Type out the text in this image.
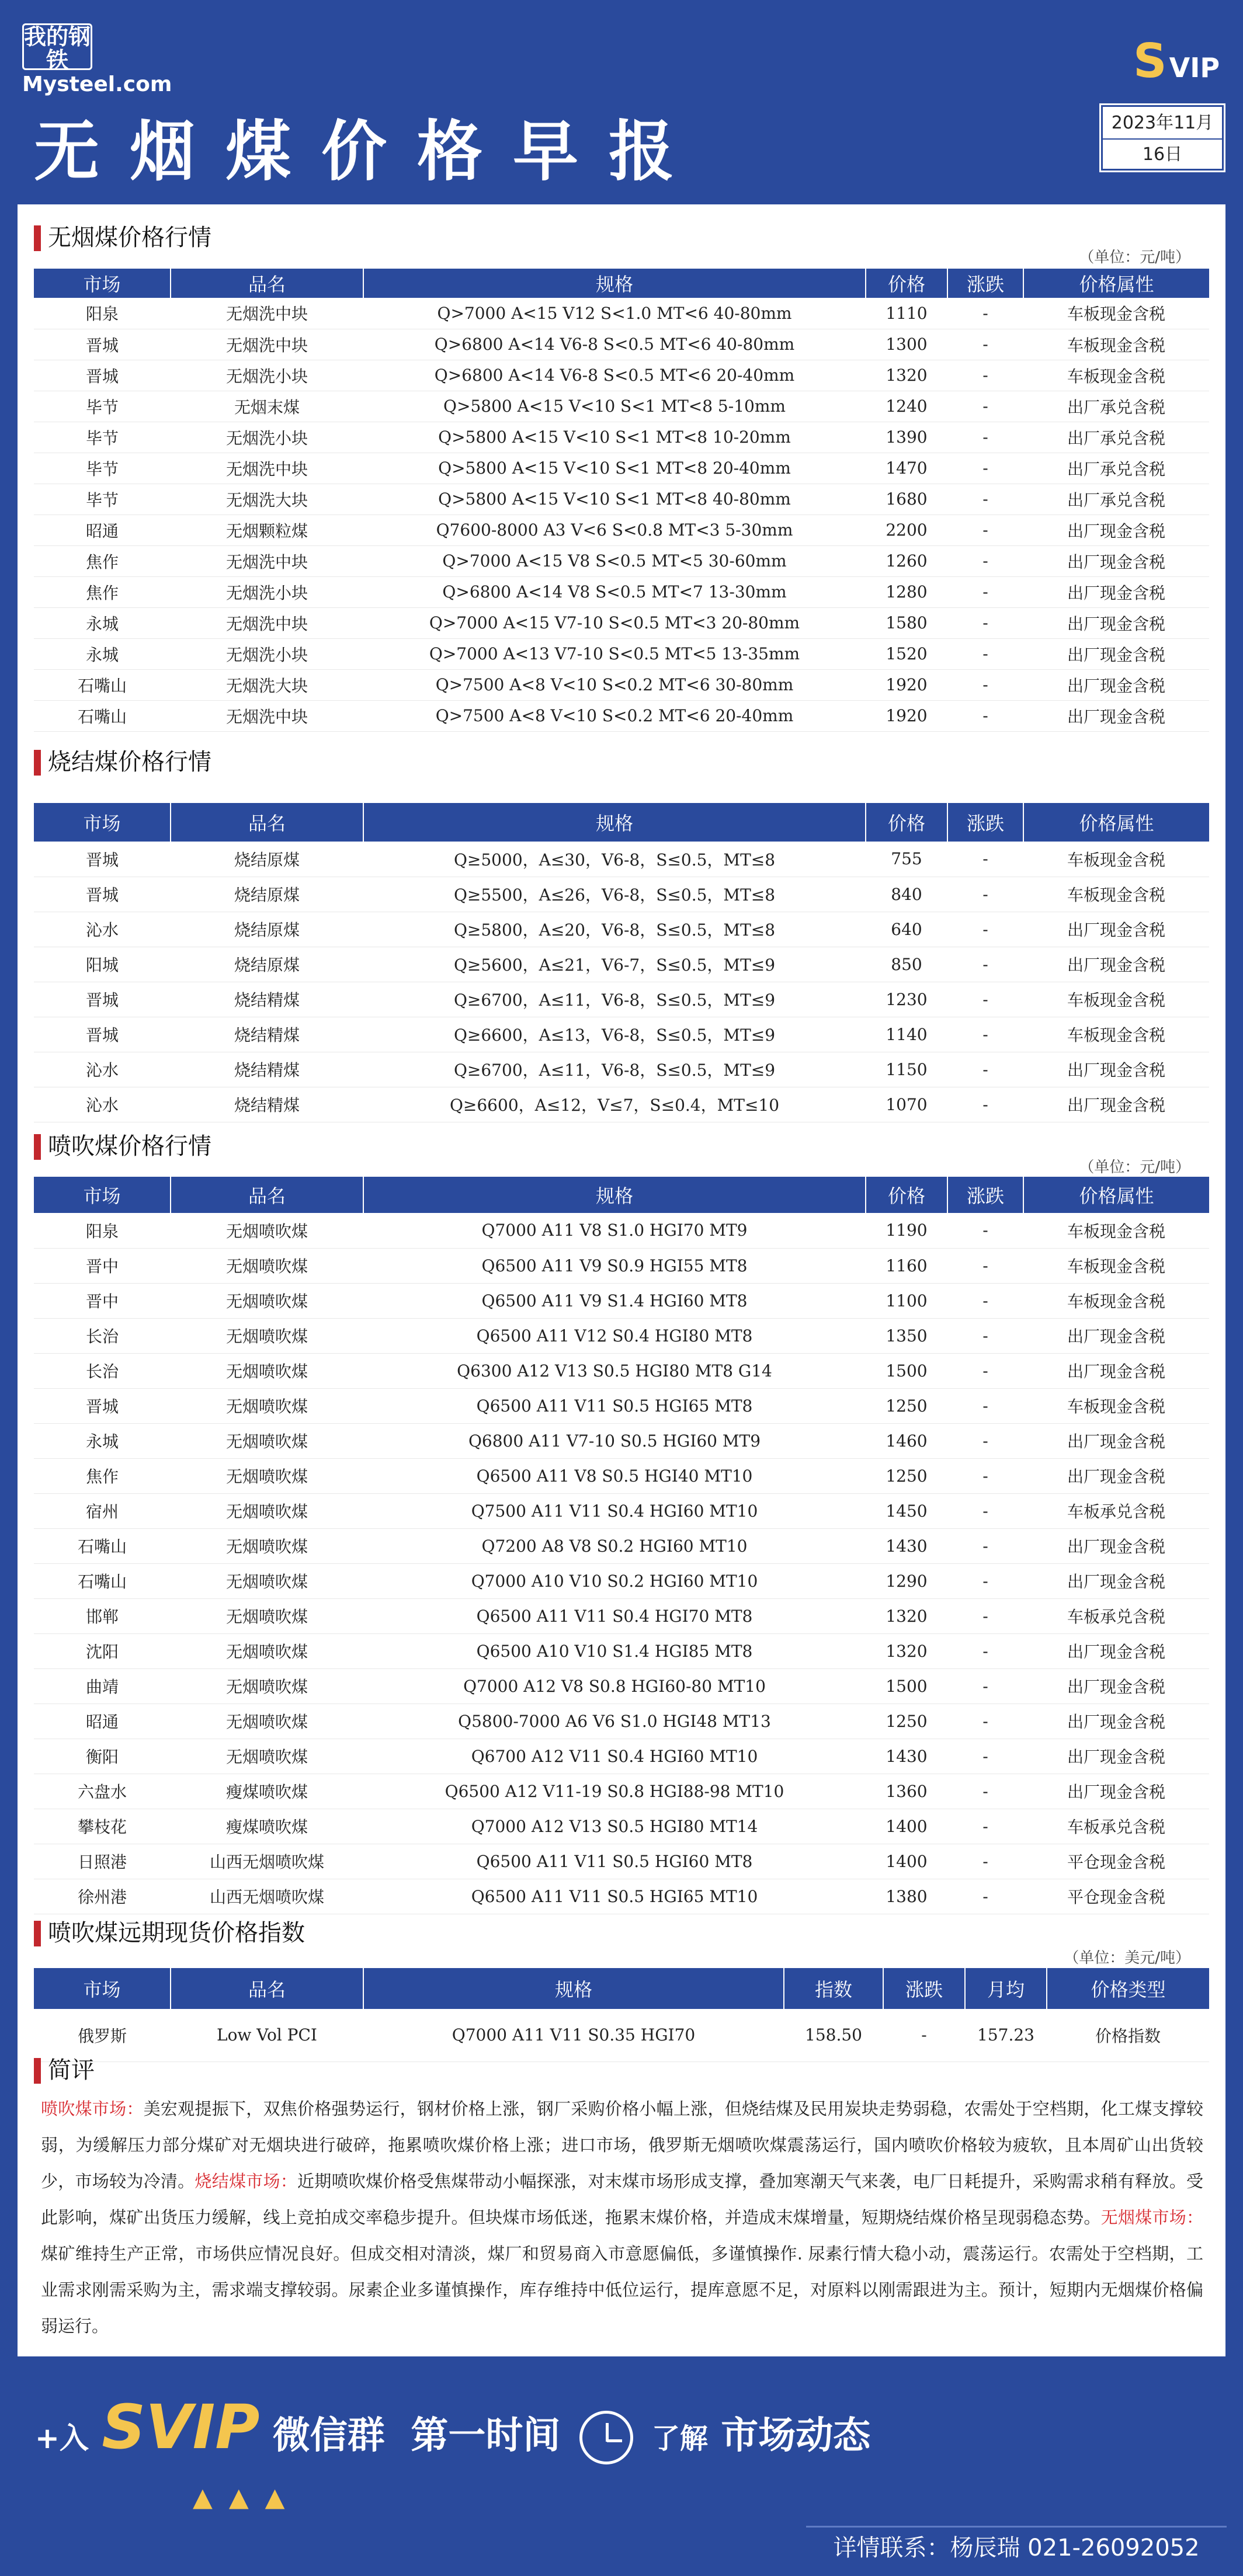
我的钢铁
Mysteel.com
无烟煤价格早报
SVIP
2023年11月
16日
无烟煤价格行情
（单位：元/吨）
市场	品名	规格	价格	涨跌	价格属性
阳泉	无烟洗中块	Q>7000 A<15 V12 S<1.0 MT<6 40-80mm	1110	-	车板现金含税
晋城	无烟洗中块	Q>6800 A<14 V6-8 S<0.5 MT<6 40-80mm	1300	-	车板现金含税
晋城	无烟洗小块	Q>6800 A<14 V6-8 S<0.5 MT<6 20-40mm	1320	-	车板现金含税
毕节	无烟末煤	Q>5800 A<15 V<10 S<1 MT<8 5-10mm	1240	-	出厂承兑含税
毕节	无烟洗小块	Q>5800 A<15 V<10 S<1 MT<8 10-20mm	1390	-	出厂承兑含税
毕节	无烟洗中块	Q>5800 A<15 V<10 S<1 MT<8 20-40mm	1470	-	出厂承兑含税
毕节	无烟洗大块	Q>5800 A<15 V<10 S<1 MT<8 40-80mm	1680	-	出厂承兑含税
昭通	无烟颗粒煤	Q7600-8000 A3 V<6 S<0.8 MT<3 5-30mm	2200	-	出厂现金含税
焦作	无烟洗中块	Q>7000 A<15 V8 S<0.5 MT<5 30-60mm	1260	-	出厂现金含税
焦作	无烟洗小块	Q>6800 A<14 V8 S<0.5 MT<7 13-30mm	1280	-	出厂现金含税
永城	无烟洗中块	Q>7000 A<15 V7-10 S<0.5 MT<3 20-80mm	1580	-	出厂现金含税
永城	无烟洗小块	Q>7000 A<13 V7-10 S<0.5 MT<5 13-35mm	1520	-	出厂现金含税
石嘴山	无烟洗大块	Q>7500 A<8 V<10 S<0.2 MT<6 30-80mm	1920	-	出厂现金含税
石嘴山	无烟洗中块	Q>7500 A<8 V<10 S<0.2 MT<6 20-40mm	1920	-	出厂现金含税
烧结煤价格行情
市场	品名	规格	价格	涨跌	价格属性
晋城	烧结原煤	Q≥5000，A≤30，V6-8，S≤0.5，MT≤8	755	-	车板现金含税
晋城	烧结原煤	Q≥5500，A≤26，V6-8，S≤0.5，MT≤8	840	-	车板现金含税
沁水	烧结原煤	Q≥5800，A≤20，V6-8，S≤0.5，MT≤8	640	-	出厂现金含税
阳城	烧结原煤	Q≥5600，A≤21，V6-7，S≤0.5，MT≤9	850	-	出厂现金含税
晋城	烧结精煤	Q≥6700，A≤11，V6-8，S≤0.5，MT≤9	1230	-	车板现金含税
晋城	烧结精煤	Q≥6600，A≤13，V6-8，S≤0.5，MT≤9	1140	-	车板现金含税
沁水	烧结精煤	Q≥6700，A≤11，V6-8，S≤0.5，MT≤9	1150	-	出厂现金含税
沁水	烧结精煤	Q≥6600，A≤12，V≤7，S≤0.4，MT≤10	1070	-	出厂现金含税
喷吹煤价格行情
（单位：元/吨）
市场	品名	规格	价格	涨跌	价格属性
阳泉	无烟喷吹煤	Q7000 A11 V8 S1.0 HGI70 MT9	1190	-	车板现金含税
晋中	无烟喷吹煤	Q6500 A11 V9 S0.9 HGI55 MT8	1160	-	车板现金含税
晋中	无烟喷吹煤	Q6500 A11 V9 S1.4 HGI60 MT8	1100	-	车板现金含税
长治	无烟喷吹煤	Q6500 A11 V12 S0.4 HGI80 MT8	1350	-	出厂现金含税
长治	无烟喷吹煤	Q6300 A12 V13 S0.5 HGI80 MT8 G14	1500	-	出厂现金含税
晋城	无烟喷吹煤	Q6500 A11 V11 S0.5 HGI65 MT8	1250	-	车板现金含税
永城	无烟喷吹煤	Q6800 A11 V7-10 S0.5 HGI60 MT9	1460	-	出厂现金含税
焦作	无烟喷吹煤	Q6500 A11 V8 S0.5 HGI40 MT10	1250	-	出厂现金含税
宿州	无烟喷吹煤	Q7500 A11 V11 S0.4 HGI60 MT10	1450	-	车板承兑含税
石嘴山	无烟喷吹煤	Q7200 A8 V8 S0.2 HGI60 MT10	1430	-	出厂现金含税
石嘴山	无烟喷吹煤	Q7000 A10 V10 S0.2 HGI60 MT10	1290	-	出厂现金含税
邯郸	无烟喷吹煤	Q6500 A11 V11 S0.4 HGI70 MT8	1320	-	车板承兑含税
沈阳	无烟喷吹煤	Q6500 A10 V10 S1.4 HGI85 MT8	1320	-	出厂现金含税
曲靖	无烟喷吹煤	Q7000 A12 V8 S0.8 HGI60-80 MT10	1500	-	出厂现金含税
昭通	无烟喷吹煤	Q5800-7000 A6 V6 S1.0 HGI48 MT13	1250	-	出厂现金含税
衡阳	无烟喷吹煤	Q6700 A12 V11 S0.4 HGI60 MT10	1430	-	出厂现金含税
六盘水	瘦煤喷吹煤	Q6500 A12 V11-19 S0.8 HGI88-98 MT10	1360	-	出厂现金含税
攀枝花	瘦煤喷吹煤	Q7000 A12 V13 S0.5 HGI80 MT14	1400	-	车板承兑含税
日照港	山西无烟喷吹煤	Q6500 A11 V11 S0.5 HGI60 MT8	1400	-	平仓现金含税
徐州港	山西无烟喷吹煤	Q6500 A11 V11 S0.5 HGI65 MT10	1380	-	平仓现金含税
喷吹煤远期现货价格指数
（单位：美元/吨）
市场	品名	规格	指数	涨跌	月均	价格类型
俄罗斯	Low Vol PCI	Q7000 A11 V11 S0.35 HGI70	158.50	-	157.23	价格指数
简评
喷吹煤市场：美宏观提振下，双焦价格强势运行，钢材价格上涨，钢厂采购价格小幅上涨，但烧结煤及民用炭块走势弱稳，农需处于空档期，化工煤支撑较弱，为缓解压力部分煤矿对无烟块进行破碎，拖累喷吹煤价格上涨；进口市场，俄罗斯无烟喷吹煤震荡运行，国内喷吹价格较为疲软，且本周矿山出货较少，市场较为冷清。烧结煤市场：近期喷吹煤价格受焦煤带动小幅探涨，对末煤市场形成支撑，叠加寒潮天气来袭，电厂日耗提升，采购需求稍有释放。受此影响，煤矿出货压力缓解，线上竞拍成交率稳步提升。但块煤市场低迷，拖累末煤价格，并造成末煤增量，短期烧结煤价格呈现弱稳态势。无烟煤市场：煤矿维持生产正常，市场供应情况良好。但成交相对清淡，煤厂和贸易商入市意愿偏低，多谨慎操作. 尿素行情大稳小动，震荡运行。农需处于空档期，工业需求刚需采购为主，需求端支撑较弱。尿素企业多谨慎操作，库存维持中低位运行，提库意愿不足，对原料以刚需跟进为主。预计，短期内无烟煤价格偏弱运行。
+入 SVIP 微信群 第一时间	了解 市场动态
▲▲▲
详情联系：杨辰瑞 021-26092052
